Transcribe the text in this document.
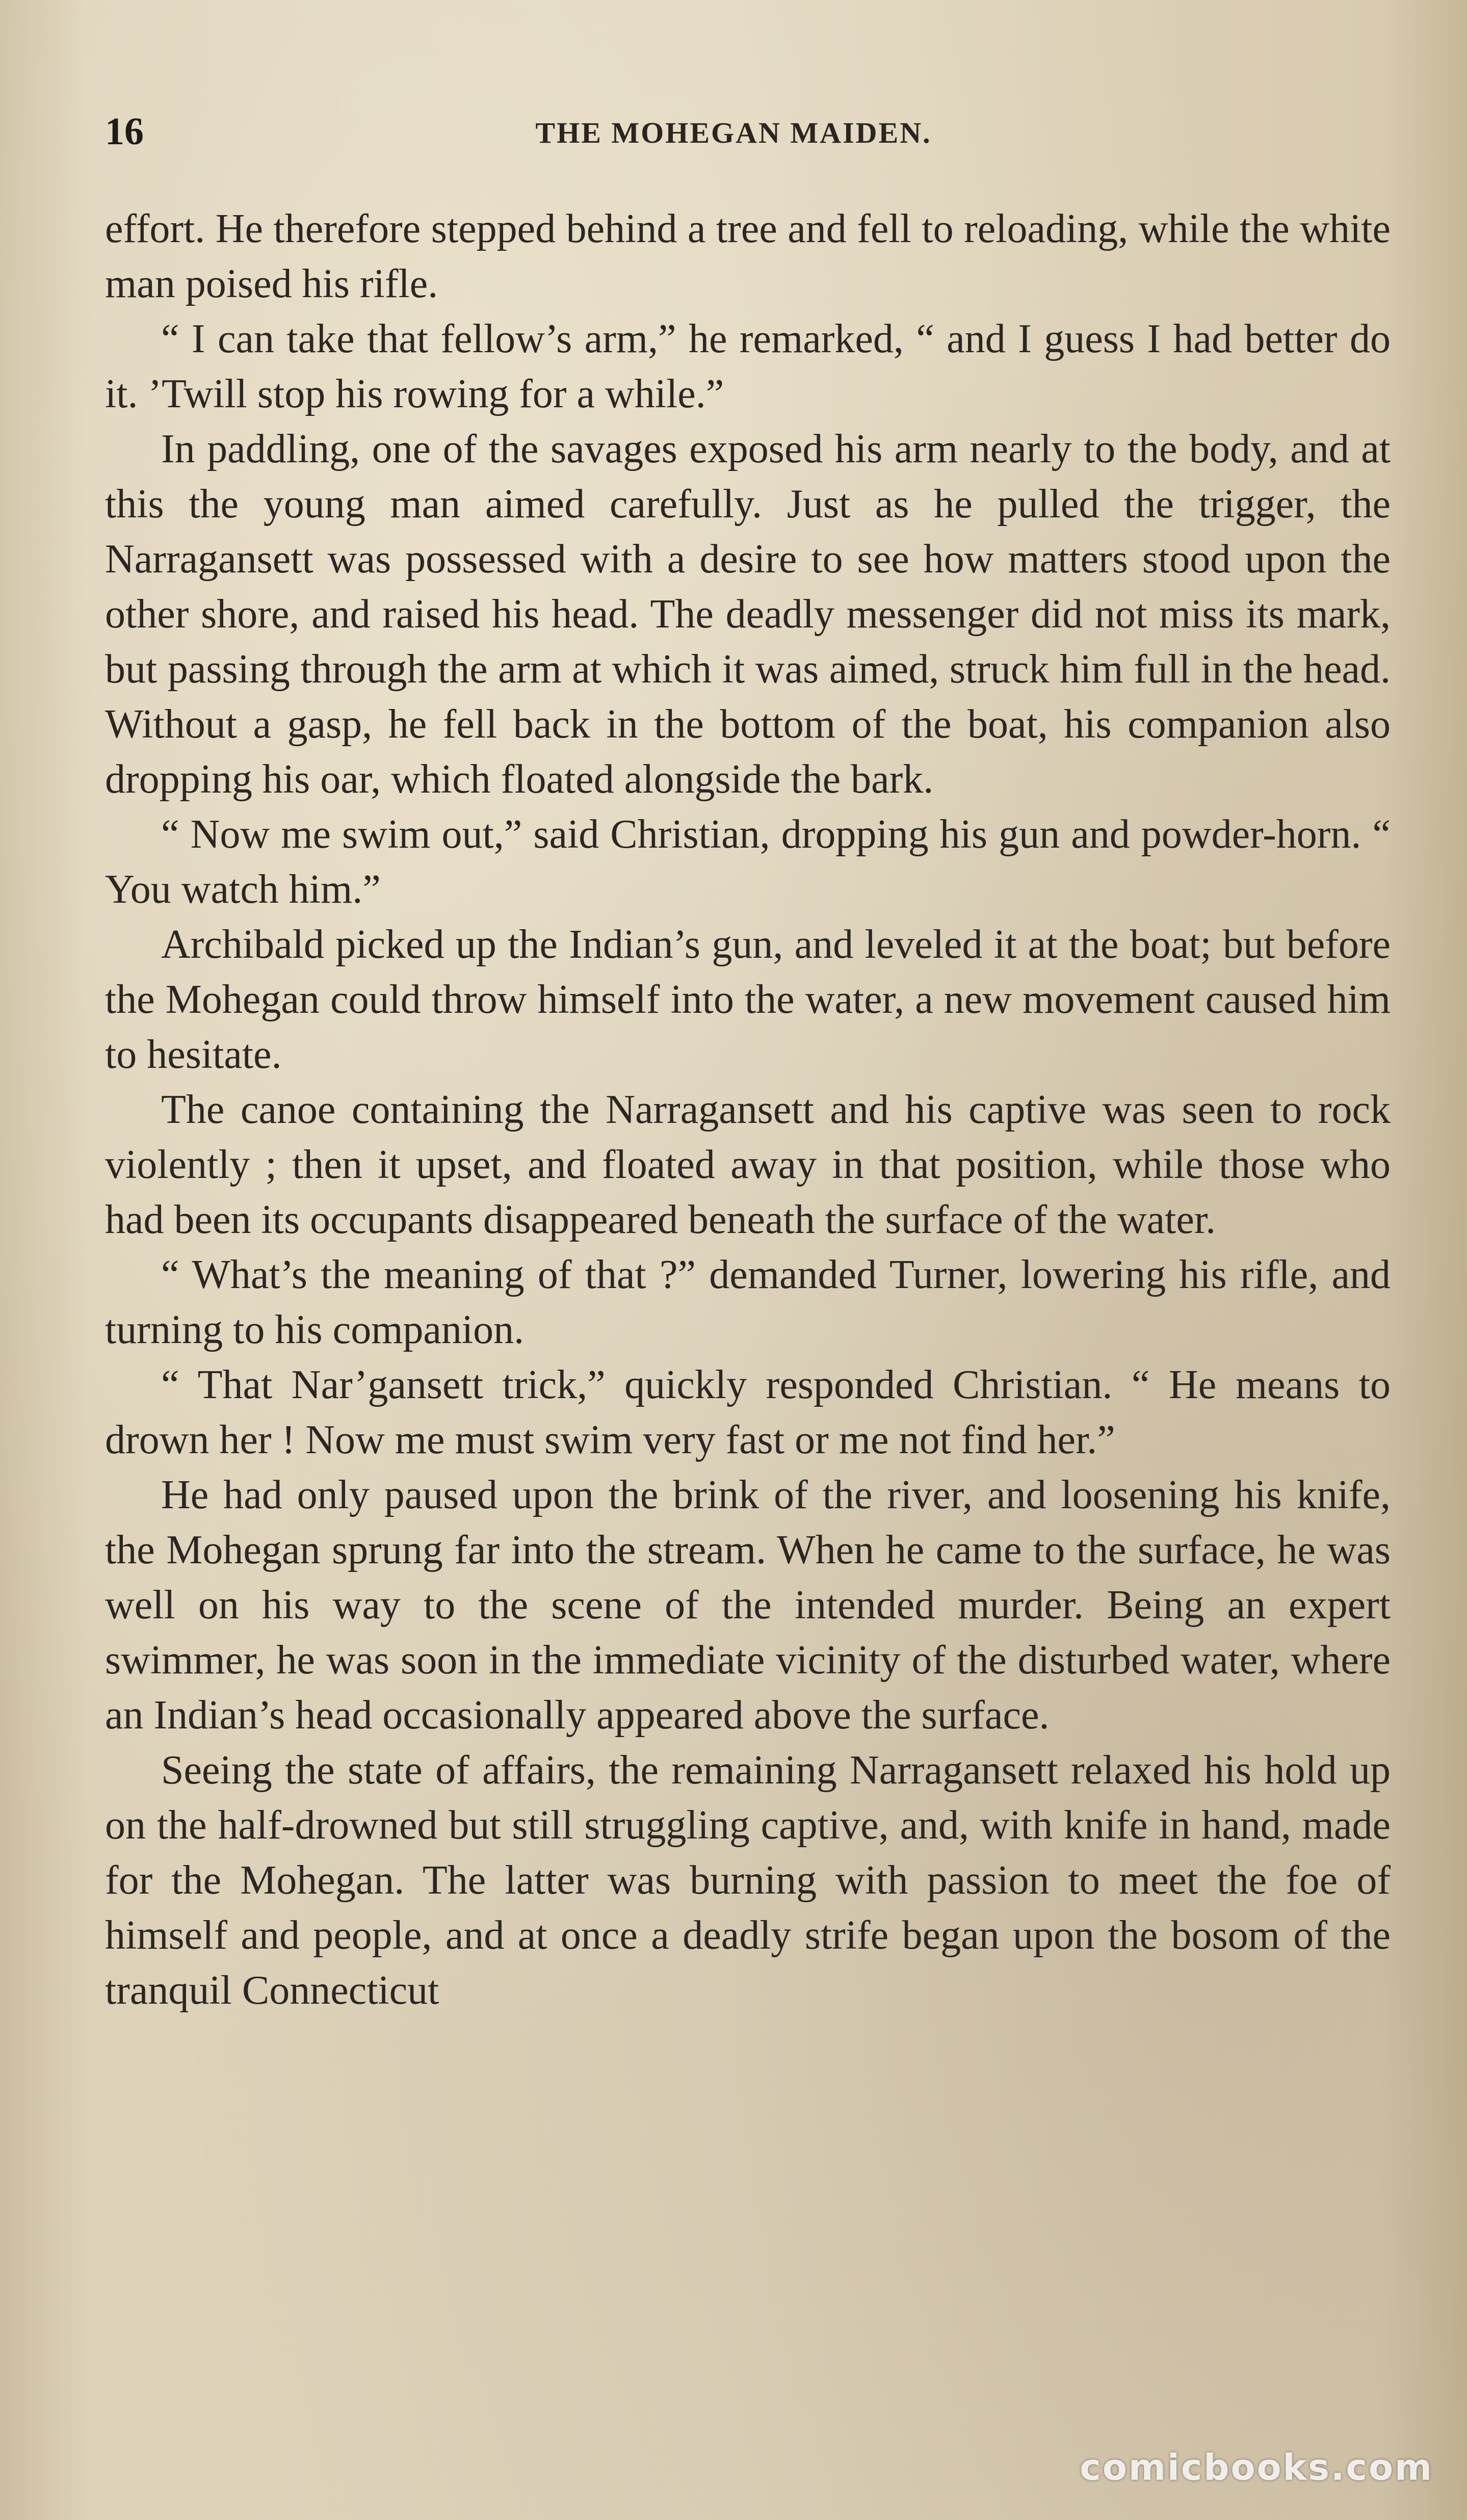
16	THE MOHEGAN MAIDEN.

effort. He therefore stepped behind a tree and fell to reloading, while the white man poised his rifle.

“ I can take that fellow’s arm,” he remarked, “ and I guess I had better do it. ’Twill stop his rowing for a while.”

In paddling, one of the savages exposed his arm nearly to the body, and at this the young man aimed carefully. Just as he pulled the trigger, the Narragansett was possessed with a desire to see how matters stood upon the other shore, and raised his head. The deadly messenger did not miss its mark, but passing through the arm at which it was aimed, struck him full in the head. Without a gasp, he fell back in the bottom of the boat, his companion also dropping his oar, which floated alongside the bark.

“ Now me swim out,” said Christian, dropping his gun and powder-horn. “ You watch him.”

Archibald picked up the Indian’s gun, and leveled it at the boat; but before the Mohegan could throw himself into the water, a new movement caused him to hesitate.

The canoe containing the Narragansett and his captive was seen to rock violently ; then it upset, and floated away in that position, while those who had been its occupants disappeared beneath the surface of the water.

“ What’s the meaning of that ?” demanded Turner, lowering his rifle, and turning to his companion.

“ That Nar’gansett trick,” quickly responded Christian. “ He means to drown her ! Now me must swim very fast or me not find her.”

He had only paused upon the brink of the river, and loosening his knife, the Mohegan sprung far into the stream. When he came to the surface, he was well on his way to the scene of the intended murder. Being an expert swimmer, he was soon in the immediate vicinity of the disturbed water, where an Indian’s head occasionally appeared above the surface.

Seeing the state of affairs, the remaining Narragansett relaxed his hold up on the half-drowned but still struggling captive, and, with knife in hand, made for the Mohegan. The latter was burning with passion to meet the foe of himself and people, and at once a deadly strife began upon the bosom of the tranquil Connecticut

comicbooks.com
